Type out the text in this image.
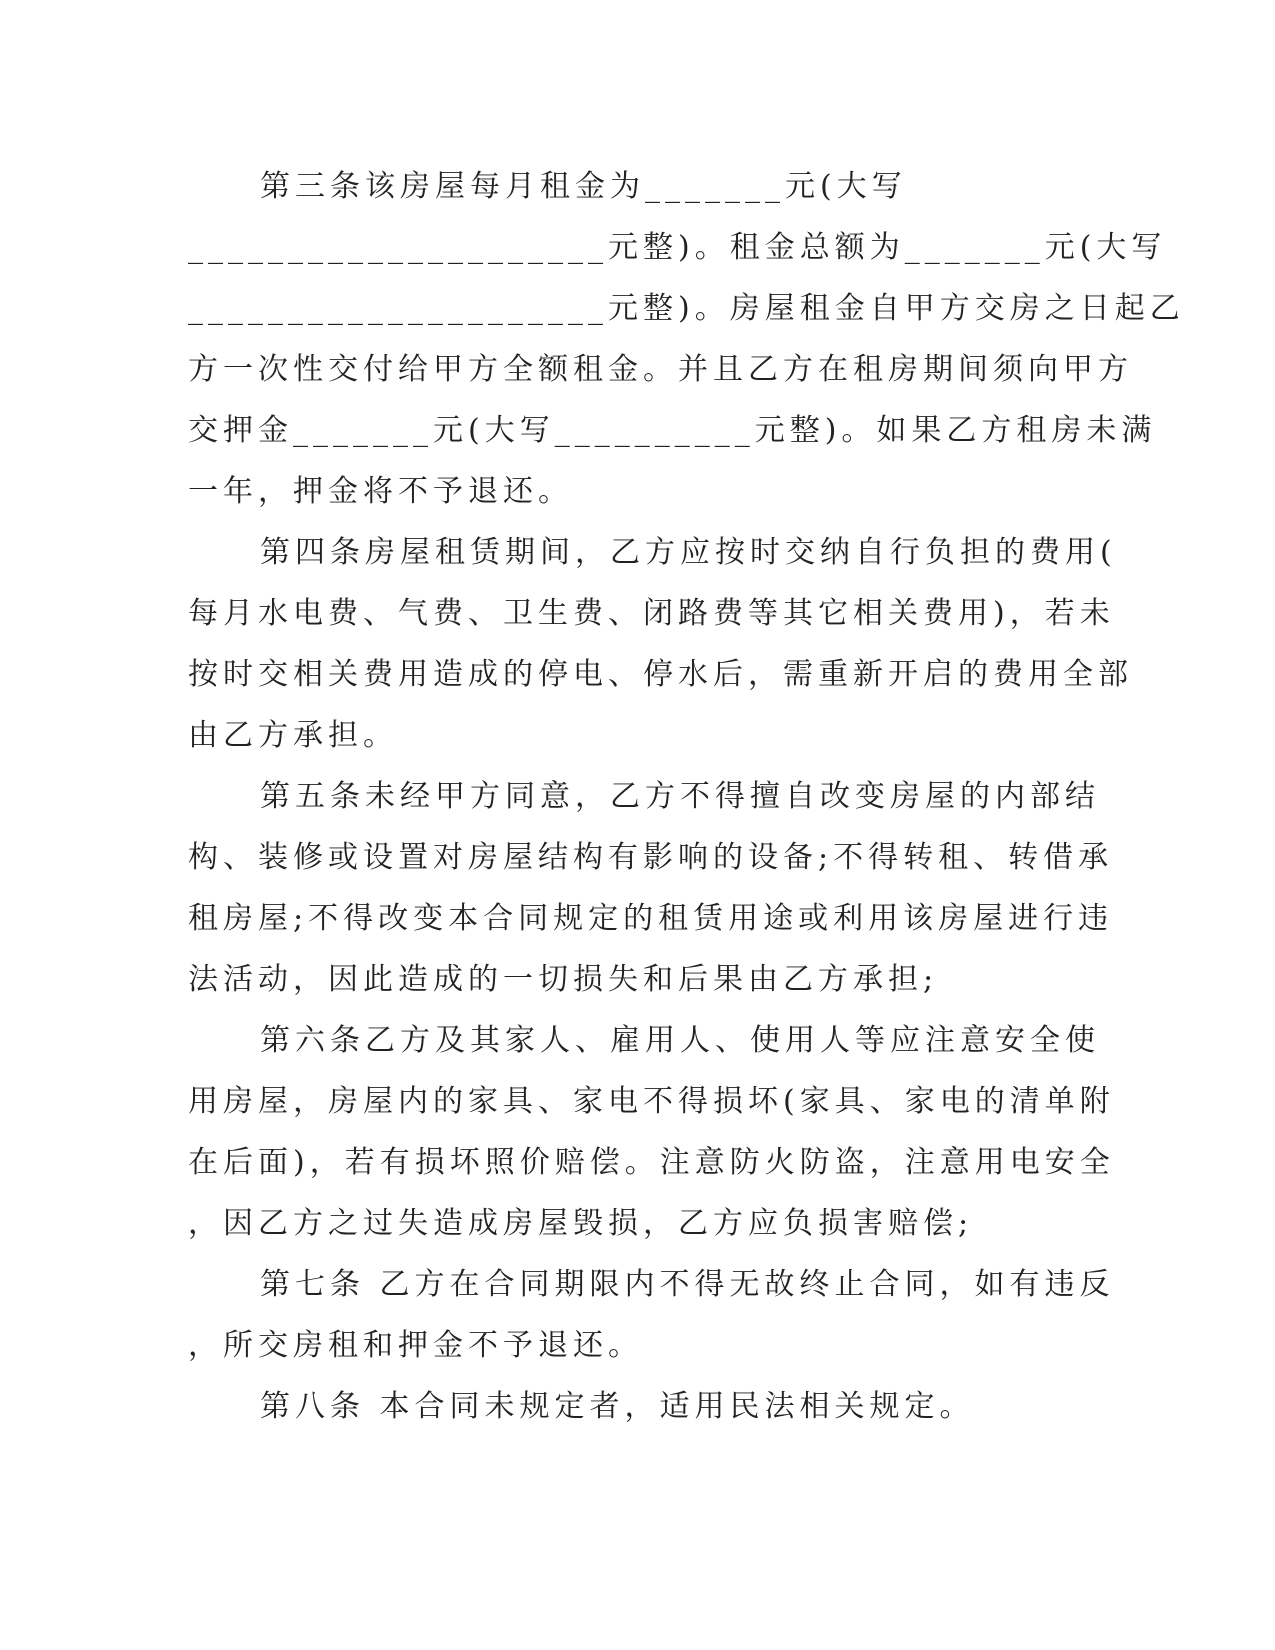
第三条该房屋每月租金为_______元(大写
_____________________元整)。租金总额为_______元(大写
_____________________元整)。房屋租金自甲方交房之日起乙
方一次性交付给甲方全额租金。并且乙方在租房期间须向甲方
交押金_______元(大写__________元整)。如果乙方租房未满
一年，押金将不予退还。
第四条房屋租赁期间，乙方应按时交纳自行负担的费用(
每月水电费、气费、卫生费、闭路费等其它相关费用)，若未
按时交相关费用造成的停电、停水后，需重新开启的费用全部
由乙方承担。
第五条未经甲方同意，乙方不得擅自改变房屋的内部结
构、装修或设置对房屋结构有影响的设备;不得转租、转借承
租房屋;不得改变本合同规定的租赁用途或利用该房屋进行违
法活动，因此造成的一切损失和后果由乙方承担;
第六条乙方及其家人、雇用人、使用人等应注意安全使
用房屋，房屋内的家具、家电不得损坏(家具、家电的清单附
在后面)，若有损坏照价赔偿。注意防火防盗，注意用电安全
，因乙方之过失造成房屋毁损，乙方应负损害赔偿;
第七条 乙方在合同期限内不得无故终止合同，如有违反
，所交房租和押金不予退还。
第八条 本合同未规定者，适用民法相关规定。
